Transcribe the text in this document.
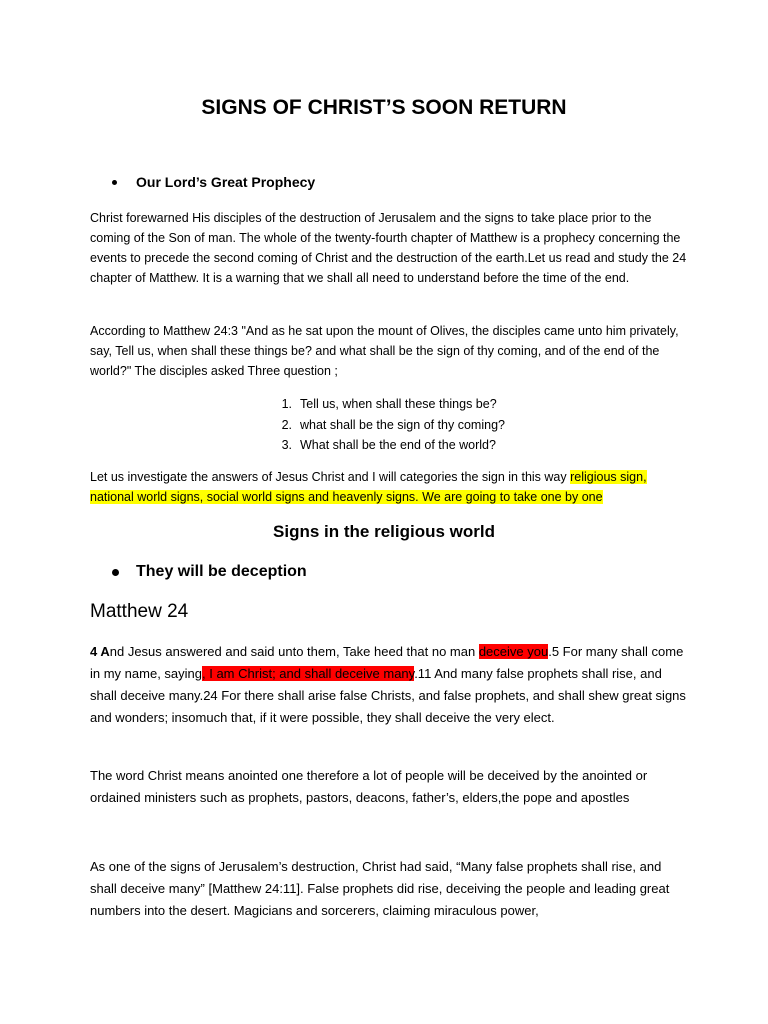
SIGNS OF CHRIST’S SOON RETURN
Our Lord’s Great Prophecy

Christ forewarned His disciples of the destruction of Jerusalem and the signs to take place prior to the coming of the Son of man. The whole of the twenty-fourth chapter of Matthew is a prophecy concerning the events to precede the second coming of Christ and the destruction of the earth.Let us read and study the 24 chapter of Matthew. It is a warning that we shall all need to understand before the time of the end.

According to Matthew 24:3 "And as he sat upon the mount of Olives, the disciples came unto him privately, say, Tell us, when shall these things be? and what shall be the sign of thy coming, and of the end of the world?" The disciples asked Three question ;

1. Tell us, when shall these things be?
2. what shall be the sign of thy coming?
3. What shall be the end of the world?

Let us investigate the answers of Jesus Christ and I will categories the sign in this way religious sign, national world signs, social world signs and heavenly signs. We are going to take one by one

Signs in the religious world
They will be deception
Matthew 24

4 And Jesus answered and said unto them, Take heed that no man deceive you.5 For many shall come in my name, saying, I am Christ; and shall deceive many.11 And many false prophets shall rise, and shall deceive many.24 For there shall arise false Christs, and false prophets, and shall shew great signs and wonders; insomuch that, if it were possible, they shall deceive the very elect.

The word Christ means anointed one therefore a lot of people will be deceived by the anointed or ordained ministers such as prophets, pastors, deacons, father’s, elders,the pope and apostles

As one of the signs of Jerusalem’s destruction, Christ had said, “Many false prophets shall rise, and shall deceive many” [Matthew 24:11]. False prophets did rise, deceiving the people and leading great numbers into the desert. Magicians and sorcerers, claiming miraculous power,
